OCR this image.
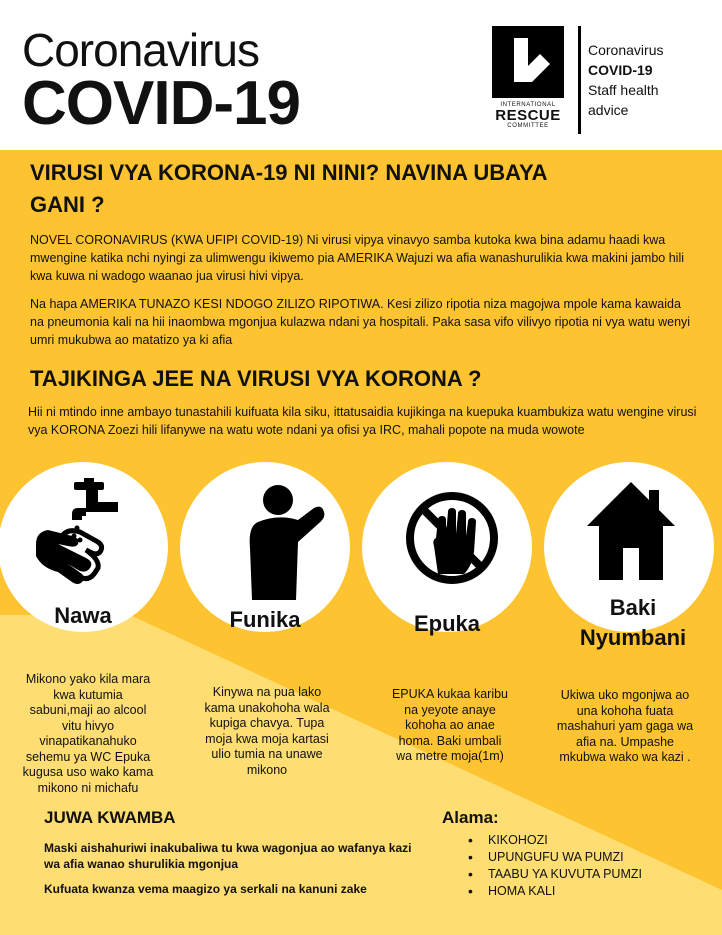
Coronavirus
COVID-19	INTERNATIONAL
RESCUE
COMMITTEE
Coronavirus
COVID-19
Staff health
advice
VIRUSI VYA KORONA-19 NI NINI? NAVINA UBAYA
GANI ?
NOVEL CORONAVIRUS (KWA UFIPI COVID-19) Ni virusi vipya vinavyo samba kutoka kwa bina adamu haadi kwa mwengine katika nchi nyingi za ulimwengu ikiwemo pia AMERIKA Wajuzi wa afia wanashurulikia kwa makini jambo hili kwa kuwa ni wadogo waanao jua virusi hivi vipya.
Na hapa AMERIKA TUNAZO KESI NDOGO ZILIZO RIPOTIWA. Kesi zilizo ripotia niza magojwa mpole kama kawaida na pneumonia kali na hii inaombwa mgonjua kulazwa ndani ya hospitali. Paka sasa vifo vilivyo ripotia ni vya watu wenyi umri mukubwa ao matatizo ya ki afia
TAJIKINGA JEE NA VIRUSI VYA KORONA ?
Hii ni mtindo inne ambayo tunastahili kuifuata kila siku, ittatusaidia kujikinga na kuepuka kuambukiza watu wengine virusi vya KORONA Zoezi hili lifanywe na watu wote ndani ya ofisi ya IRC, mahali popote na muda wowote
Nawa	Funika	Epuka
Baki
Nyumbani
Mikono yako kila mara kwa kutumia sabuni,maji ao alcool vitu hivyo vinapatikanahuko sehemu ya WC Epuka kugusa uso wako kama mikono ni michafu
Kinywa na pua lako kama unakohoha wala kupiga chavya. Tupa moja kwa moja kartasi ulio tumia na unawe mikono
EPUKA kukaa karibu na yeyote anaye kohoha ao anae homa. Baki umbali wa metre moja(1m)
Ukiwa uko mgonjwa ao una kohoha fuata mashahuri yam gaga wa afia na. Umpashe mkubwa wako wa kazi .
JUWA KWAMBA
Maski aishahuriwi inakubaliwa tu kwa wagonjua ao wafanya kazi wa afia wanao shurulikia mgonjua
Kufuata kwanza vema maagizo ya serkali na kanuni zake
Alama:
• KIKOHOZI
• UPUNGUFU WA PUMZI
• TAABU YA KUVUTA PUMZI
• HOMA KALI
